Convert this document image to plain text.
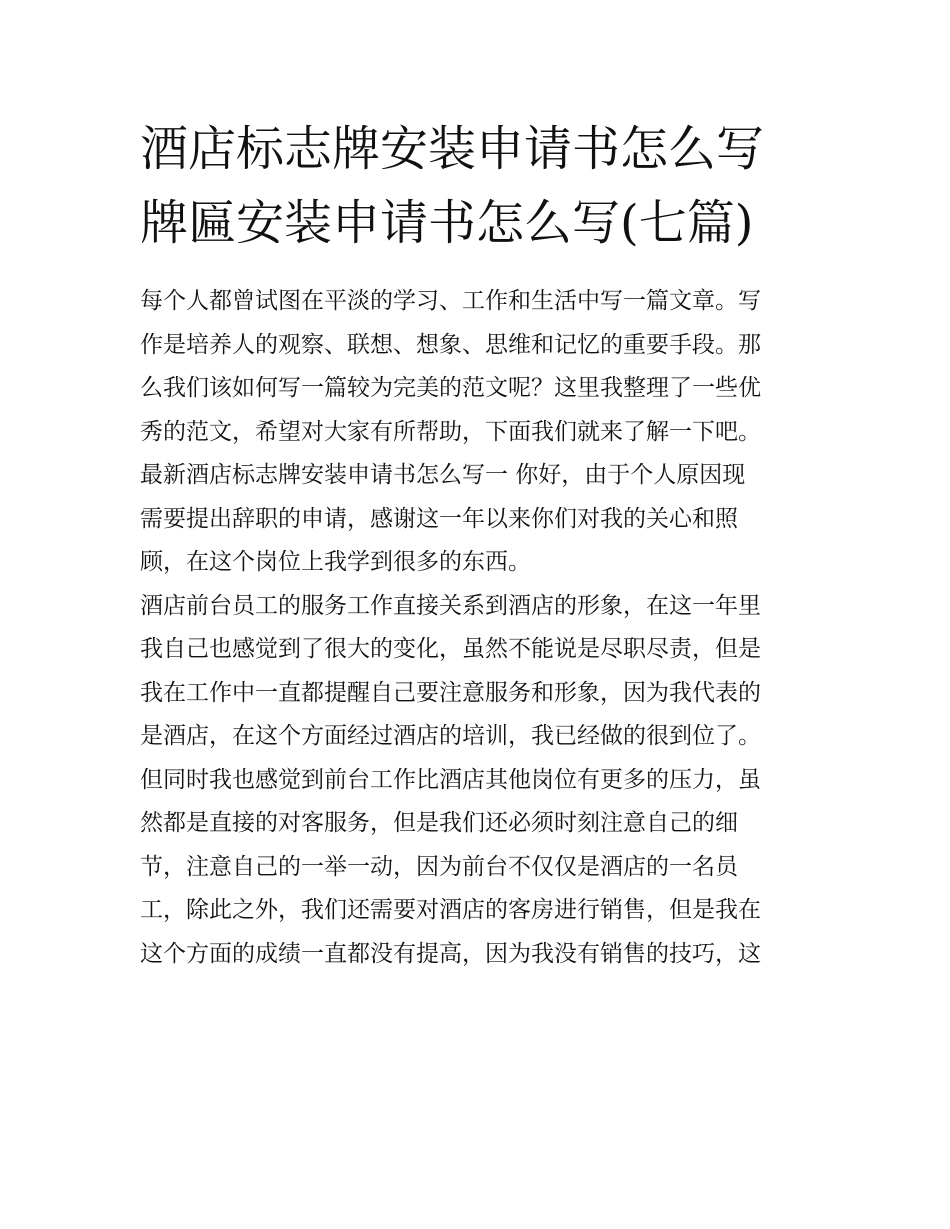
酒店标志牌安装申请书怎么写
牌匾安装申请书怎么写(七篇)

每个人都曾试图在平淡的学习、工作和生活中写一篇文章。写
作是培养人的观察、联想、想象、思维和记忆的重要手段。那
么我们该如何写一篇较为完美的范文呢？这里我整理了一些优
秀的范文，希望对大家有所帮助，下面我们就来了解一下吧。
最新酒店标志牌安装申请书怎么写一 你好，由于个人原因现
需要提出辞职的申请，感谢这一年以来你们对我的关心和照
顾，在这个岗位上我学到很多的东西。

酒店前台员工的服务工作直接关系到酒店的形象，在这一年里
我自己也感觉到了很大的变化，虽然不能说是尽职尽责，但是
我在工作中一直都提醒自己要注意服务和形象，因为我代表的
是酒店，在这个方面经过酒店的培训，我已经做的很到位了。
但同时我也感觉到前台工作比酒店其他岗位有更多的压力，虽
然都是直接的对客服务，但是我们还必须时刻注意自己的细
节，注意自己的一举一动，因为前台不仅仅是酒店的一名员
工，除此之外，我们还需要对酒店的客房进行销售，但是我在
这个方面的成绩一直都没有提高，因为我没有销售的技巧，这
